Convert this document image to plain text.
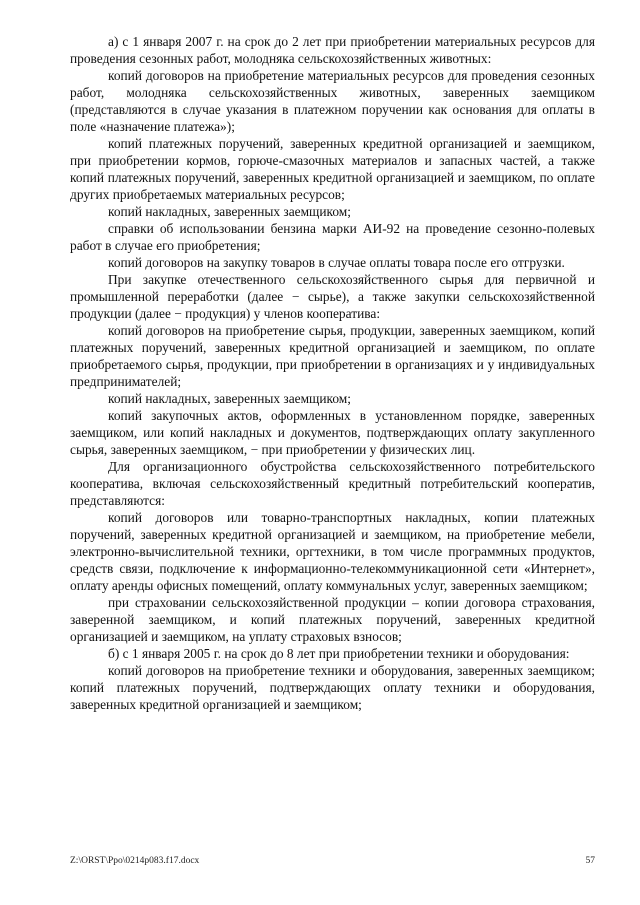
а) с 1 января 2007 г. на срок до 2 лет при приобретении материальных ресурсов для проведения сезонных работ, молодняка сельскохозяйственных животных:

копий договоров на приобретение материальных ресурсов для проведения сезонных работ, молодняка сельскохозяйственных животных, заверенных заемщиком (представляются в случае указания в платежном поручении как основания для оплаты в поле «назначение платежа»);

копий платежных поручений, заверенных кредитной организацией и заемщиком, при приобретении кормов, горюче-смазочных материалов и запасных частей, а также копий платежных поручений, заверенных кредитной организацией и заемщиком, по оплате других приобретаемых материальных ресурсов;

копий накладных, заверенных заемщиком;

справки об использовании бензина марки АИ-92 на проведение сезонно-полевых работ в случае его приобретения;

копий договоров на закупку товаров в случае оплаты товара после его отгрузки.

При закупке отечественного сельскохозяйственного сырья для первичной и промышленной переработки (далее − сырье), а также закупки сельскохозяйственной продукции (далее − продукция) у членов кооператива:

копий договоров на приобретение сырья, продукции, заверенных заемщиком, копий платежных поручений, заверенных кредитной организацией и заемщиком, по оплате приобретаемого сырья, продукции, при приобретении в организациях и у индивидуальных предпринимателей;

копий накладных, заверенных заемщиком;

копий закупочных актов, оформленных в установленном порядке, заверенных заемщиком, или копий накладных и документов, подтверждающих оплату закупленного сырья, заверенных заемщиком, − при приобретении у физических лиц.

Для организационного обустройства сельскохозяйственного потребительского кооператива, включая сельскохозяйственный кредитный потребительский кооператив, представляются:

копий договоров или товарно-транспортных накладных, копии платежных поручений, заверенных кредитной организацией и заемщиком, на приобретение мебели, электронно-вычислительной техники, оргтехники, в том числе программных продуктов, средств связи, подключение к информационно-телекоммуникационной сети «Интернет», оплату аренды офисных помещений, оплату коммунальных услуг, заверенных заемщиком;

при страховании сельскохозяйственной продукции – копии договора страхования, заверенной заемщиком, и копий платежных поручений, заверенных кредитной организацией и заемщиком, на уплату страховых взносов;

б) с 1 января 2005 г. на срок до 8 лет при приобретении техники и оборудования:

копий договоров на приобретение техники и оборудования, заверенных заемщиком; копий платежных поручений, подтверждающих оплату техники и оборудования, заверенных кредитной организацией и заемщиком;

Z:\ORST\Ppo\0214p083.f17.docx	57
